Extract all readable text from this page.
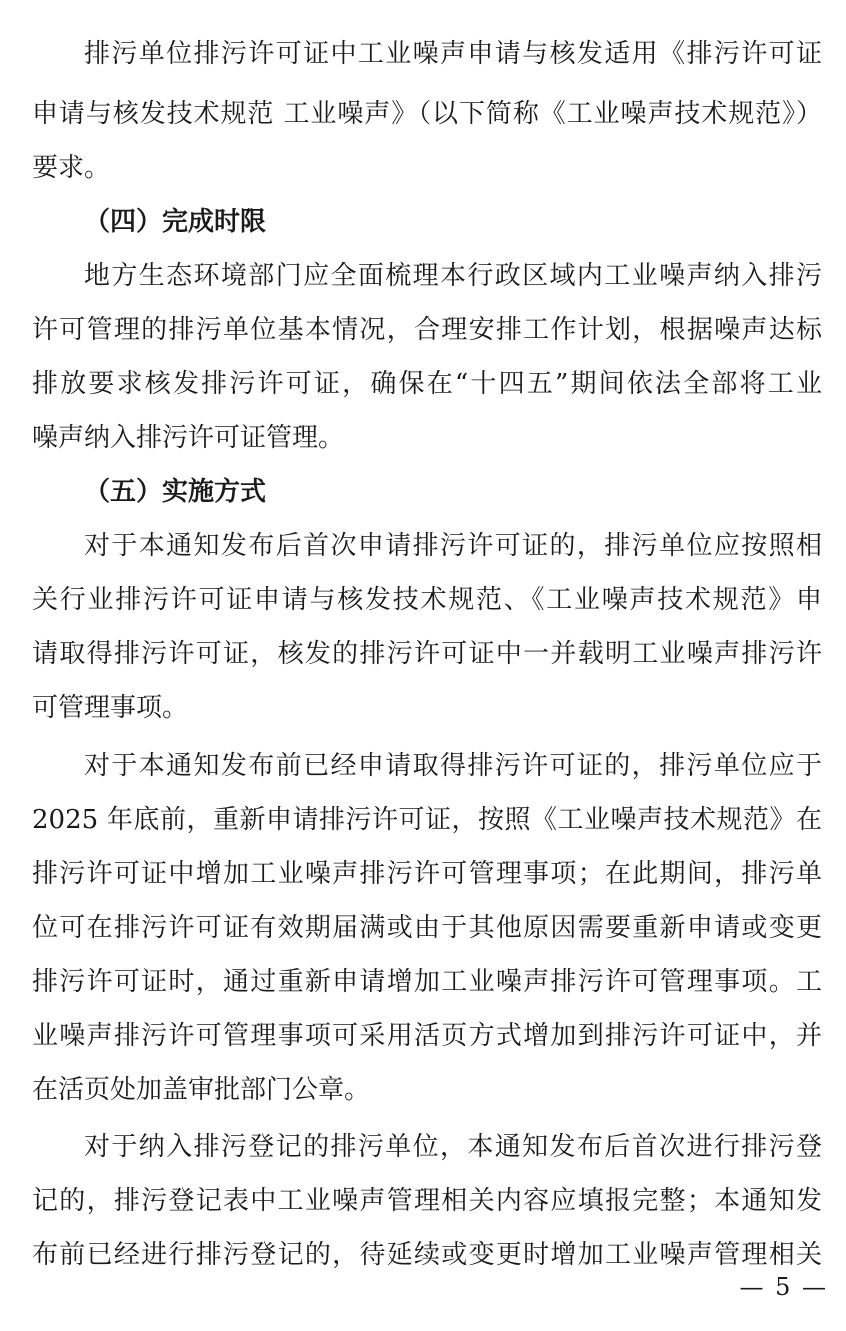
排污单位排污许可证中工业噪声申请与核发适用《排污许可证
申请与核发技术规范 工业噪声》（以下简称《工业噪声技术规范》）
要求。
（四）完成时限
地方生态环境部门应全面梳理本行政区域内工业噪声纳入排污
许可管理的排污单位基本情况，合理安排工作计划，根据噪声达标
排放要求核发排污许可证，确保在“十四五”期间依法全部将工业
噪声纳入排污许可证管理。
（五）实施方式
对于本通知发布后首次申请排污许可证的，排污单位应按照相
关行业排污许可证申请与核发技术规范、《工业噪声技术规范》申
请取得排污许可证，核发的排污许可证中一并载明工业噪声排污许
可管理事项。
对于本通知发布前已经申请取得排污许可证的，排污单位应于
2025 年底前，重新申请排污许可证，按照《工业噪声技术规范》在
排污许可证中增加工业噪声排污许可管理事项；在此期间，排污单
位可在排污许可证有效期届满或由于其他原因需要重新申请或变更
排污许可证时，通过重新申请增加工业噪声排污许可管理事项。工
业噪声排污许可管理事项可采用活页方式增加到排污许可证中，并
在活页处加盖审批部门公章。
对于纳入排污登记的排污单位，本通知发布后首次进行排污登
记的，排污登记表中工业噪声管理相关内容应填报完整；本通知发
布前已经进行排污登记的，待延续或变更时增加工业噪声管理相关
— 5 —
